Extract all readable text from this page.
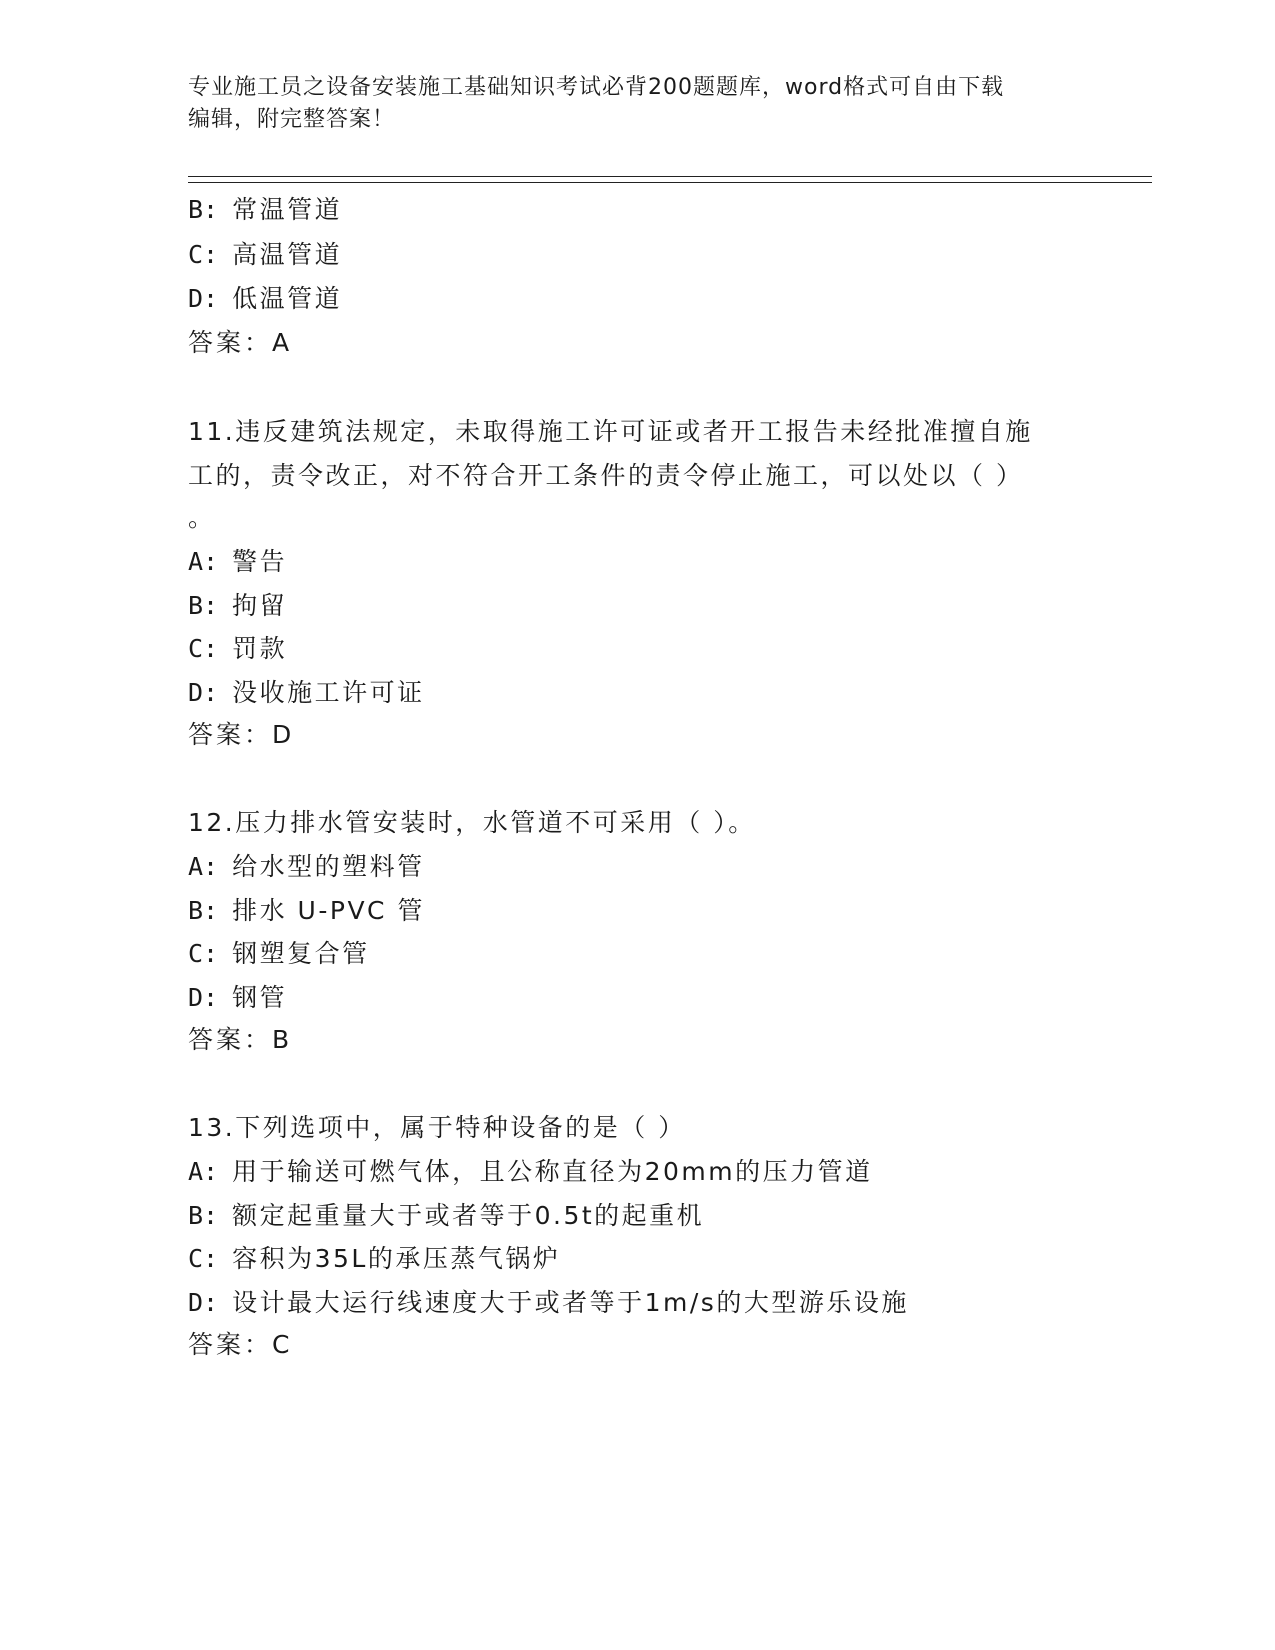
专业施工员之设备安装施工基础知识考试必背200题题库，word格式可自由下载
编辑，附完整答案！
B: 常温管道
C: 高温管道
D: 低温管道
答案：A
11.违反建筑法规定，未取得施工许可证或者开工报告未经批准擅自施
工的，责令改正，对不符合开工条件的责令停止施工，可以处以（ ）
。
A: 警告
B: 拘留
C: 罚款
D: 没收施工许可证
答案：D
12.压力排水管安装时，水管道不可采用（ ）。
A: 给水型的塑料管
B: 排水 U-PVC 管
C: 钢塑复合管
D: 钢管
答案：B
13.下列选项中，属于特种设备的是（ ）
A: 用于输送可燃气体，且公称直径为20mm的压力管道
B: 额定起重量大于或者等于0.5t的起重机
C: 容积为35L的承压蒸气锅炉
D: 设计最大运行线速度大于或者等于1m/s的大型游乐设施
答案：C
